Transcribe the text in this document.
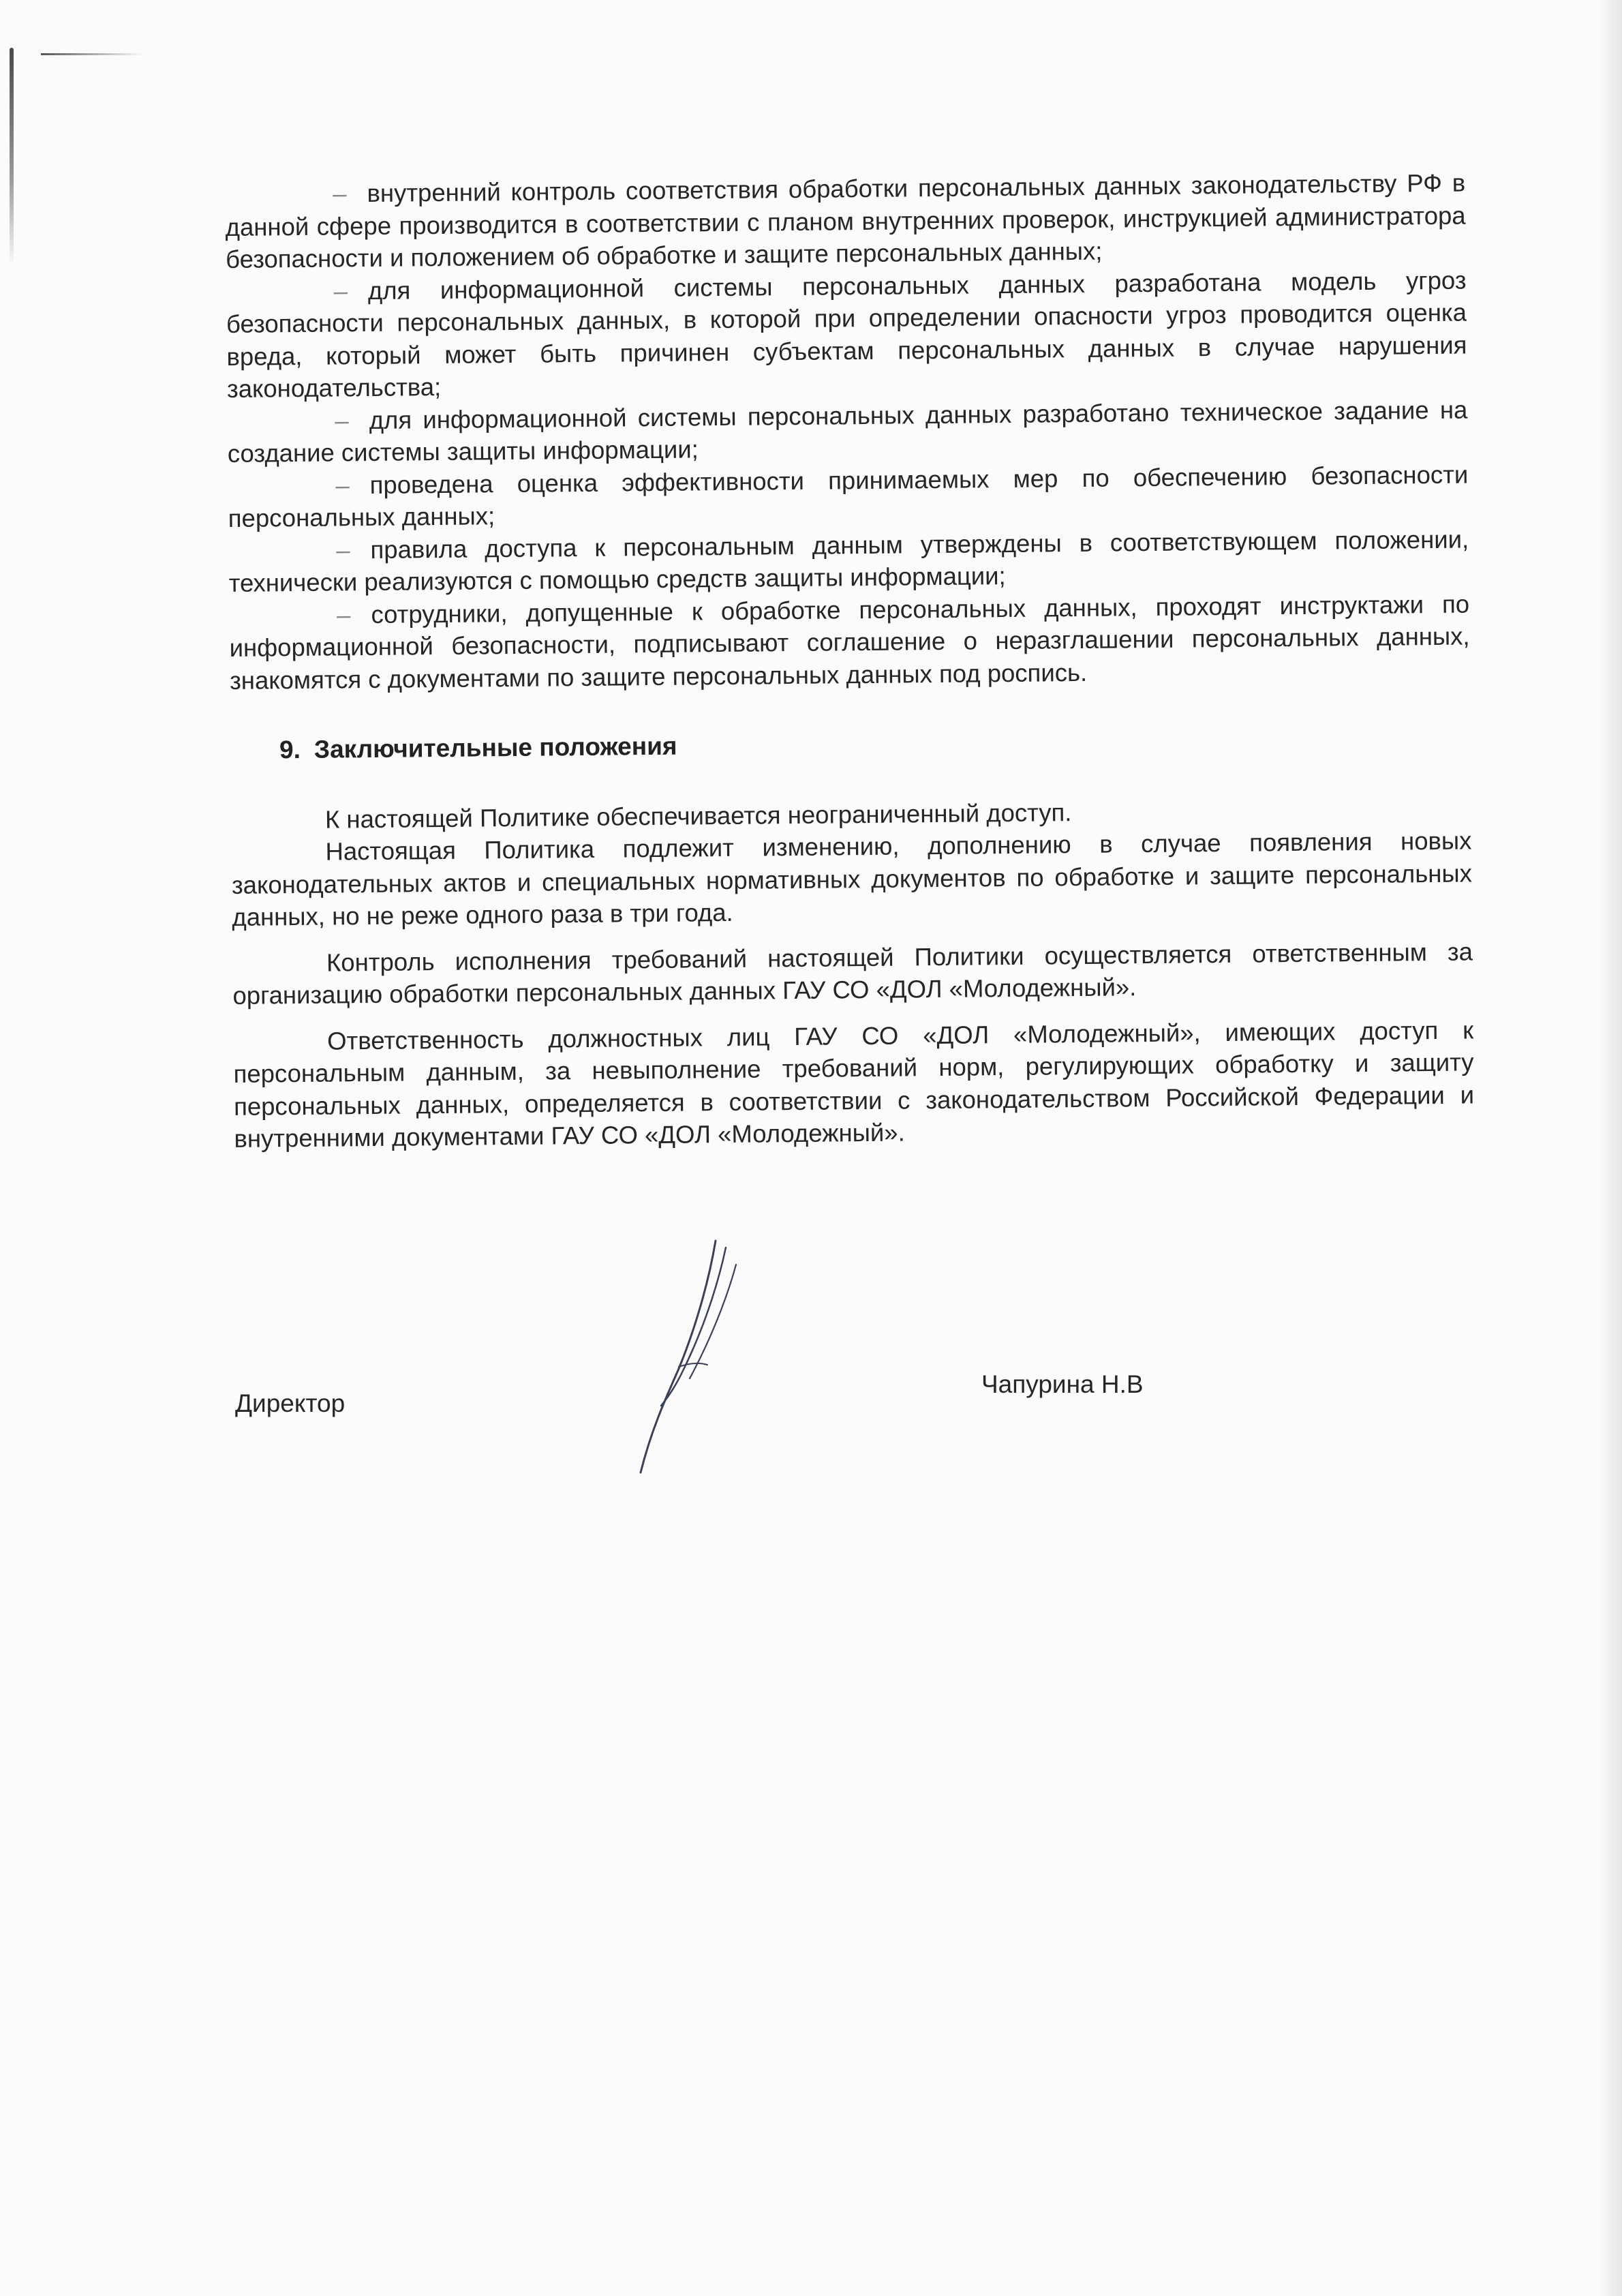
– внутренний контроль соответствия обработки персональных данных законодательству РФ в данной сфере производится в соответствии с планом внутренних проверок, инструкцией администратора безопасности и положением об обработке и защите персональных данных;

– для информационной системы персональных данных разработана модель угроз безопасности персональных данных, в которой при определении опасности угроз проводится оценка вреда, который может быть причинен субъектам персональных данных в случае нарушения законодательства;

– для информационной системы персональных данных разработано техническое задание на создание системы защиты информации;

– проведена оценка эффективности принимаемых мер по обеспечению безопасности персональных данных;

– правила доступа к персональным данным утверждены в соответствующем положении, технически реализуются с помощью средств защиты информации;

– сотрудники, допущенные к обработке персональных данных, проходят инструктажи по информационной безопасности, подписывают соглашение о неразглашении персональных данных, знакомятся с документами по защите персональных данных под роспись.

9. Заключительные положения

К настоящей Политике обеспечивается неограниченный доступ.

Настоящая Политика подлежит изменению, дополнению в случае появления новых законодательных актов и специальных нормативных документов по обработке и защите персональных данных, но не реже одного раза в три года.

Контроль исполнения требований настоящей Политики осуществляется ответственным за организацию обработки персональных данных ГАУ СО «ДОЛ «Молодежный».

Ответственность должностных лиц ГАУ СО «ДОЛ «Молодежный», имеющих доступ к персональным данным, за невыполнение требований норм, регулирующих обработку и защиту персональных данных, определяется в соответствии с законодательством Российской Федерации и внутренними документами ГАУ СО «ДОЛ «Молодежный».

Директор
Чапурина Н.В
